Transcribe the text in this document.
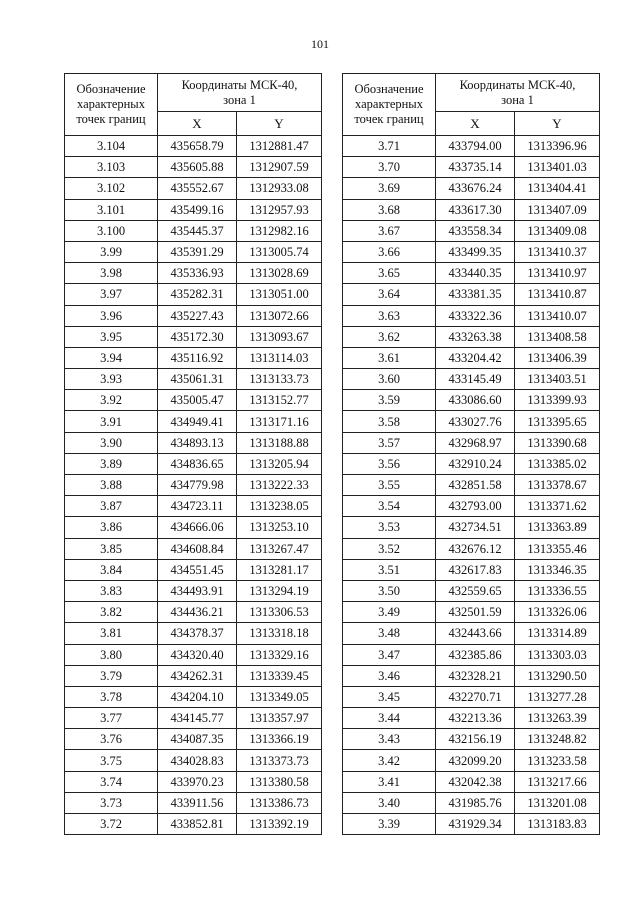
101
Обозначение
характерных
точек границ	Координаты МСК-40,
зона 1	
	X	Y
3.104	435658.79	1312881.47
3.103	435605.88	1312907.59
3.102	435552.67	1312933.08
3.101	435499.16	1312957.93
3.100	435445.37	1312982.16
3.99	435391.29	1313005.74
3.98	435336.93	1313028.69
3.97	435282.31	1313051.00
3.96	435227.43	1313072.66
3.95	435172.30	1313093.67
3.94	435116.92	1313114.03
3.93	435061.31	1313133.73
3.92	435005.47	1313152.77
3.91	434949.41	1313171.16
3.90	434893.13	1313188.88
3.89	434836.65	1313205.94
3.88	434779.98	1313222.33
3.87	434723.11	1313238.05
3.86	434666.06	1313253.10
3.85	434608.84	1313267.47
3.84	434551.45	1313281.17
3.83	434493.91	1313294.19
3.82	434436.21	1313306.53
3.81	434378.37	1313318.18
3.80	434320.40	1313329.16
3.79	434262.31	1313339.45
3.78	434204.10	1313349.05
3.77	434145.77	1313357.97
3.76	434087.35	1313366.19
3.75	434028.83	1313373.73
3.74	433970.23	1313380.58
3.73	433911.56	1313386.73
3.72	433852.81	1313392.19
Обозначение
характерных
точек границ	Координаты МСК-40,
зона 1	
	X	Y
3.71	433794.00	1313396.96
3.70	433735.14	1313401.03
3.69	433676.24	1313404.41
3.68	433617.30	1313407.09
3.67	433558.34	1313409.08
3.66	433499.35	1313410.37
3.65	433440.35	1313410.97
3.64	433381.35	1313410.87
3.63	433322.36	1313410.07
3.62	433263.38	1313408.58
3.61	433204.42	1313406.39
3.60	433145.49	1313403.51
3.59	433086.60	1313399.93
3.58	433027.76	1313395.65
3.57	432968.97	1313390.68
3.56	432910.24	1313385.02
3.55	432851.58	1313378.67
3.54	432793.00	1313371.62
3.53	432734.51	1313363.89
3.52	432676.12	1313355.46
3.51	432617.83	1313346.35
3.50	432559.65	1313336.55
3.49	432501.59	1313326.06
3.48	432443.66	1313314.89
3.47	432385.86	1313303.03
3.46	432328.21	1313290.50
3.45	432270.71	1313277.28
3.44	432213.36	1313263.39
3.43	432156.19	1313248.82
3.42	432099.20	1313233.58
3.41	432042.38	1313217.66
3.40	431985.76	1313201.08
3.39	431929.34	1313183.83
